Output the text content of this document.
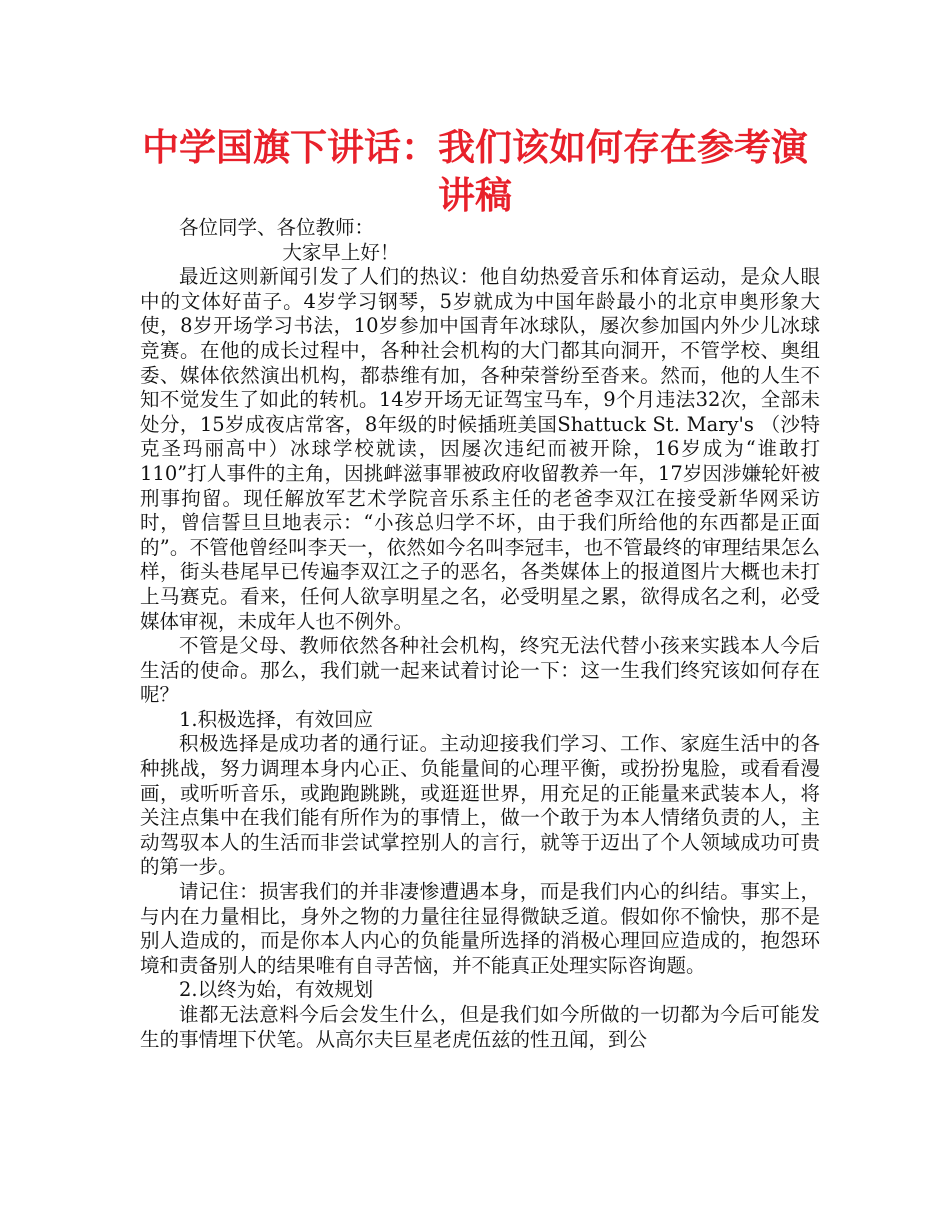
中学国旗下讲话：我们该如何存在参考演讲稿

各位同学、各位教师：

大家早上好！

最近这则新闻引发了人们的热议：他自幼热爱音乐和体育运动，是众人眼中的文体好苗子。4岁学习钢琴，5岁就成为中国年龄最小的北京申奥形象大使，8岁开场学习书法，10岁参加中国青年冰球队，屡次参加国内外少儿冰球竞赛。在他的成长过程中，各种社会机构的大门都其向洞开，不管学校、奥组委、媒体依然演出机构，都恭维有加，各种荣誉纷至沓来。然而，他的人生不知不觉发生了如此的转机。14岁开场无证驾宝马车，9个月违法32次，全部未处分，15岁成夜店常客，8年级的时候插班美国Shattuck St. Mary's （沙特克圣玛丽高中）冰球学校就读，因屡次违纪而被开除，16岁成为“谁敢打110”打人事件的主角，因挑衅滋事罪被政府收留教养一年，17岁因涉嫌轮奸被刑事拘留。现任解放军艺术学院音乐系主任的老爸李双江在接受新华网采访时，曾信誓旦旦地表示：“小孩总归学不坏，由于我们所给他的东西都是正面的”。不管他曾经叫李天一，依然如今名叫李冠丰，也不管最终的审理结果怎么样，街头巷尾早已传遍李双江之子的恶名，各类媒体上的报道图片大概也未打上马赛克。看来，任何人欲享明星之名，必受明星之累，欲得成名之利，必受媒体审视，未成年人也不例外。

不管是父母、教师依然各种社会机构，终究无法代替小孩来实践本人今后生活的使命。那么，我们就一起来试着讨论一下：这一生我们终究该如何存在呢？

1.积极选择，有效回应

积极选择是成功者的通行证。主动迎接我们学习、工作、家庭生活中的各种挑战，努力调理本身内心正、负能量间的心理平衡，或扮扮鬼脸，或看看漫画，或听听音乐，或跑跑跳跳，或逛逛世界，用充足的正能量来武装本人，将关注点集中在我们能有所作为的事情上，做一个敢于为本人情绪负责的人，主动驾驭本人的生活而非尝试掌控别人的言行，就等于迈出了个人领域成功可贵的第一步。

请记住：损害我们的并非凄惨遭遇本身，而是我们内心的纠结。事实上，与内在力量相比，身外之物的力量往往显得微缺乏道。假如你不愉快，那不是别人造成的，而是你本人内心的负能量所选择的消极心理回应造成的，抱怨环境和责备别人的结果唯有自寻苦恼，并不能真正处理实际咨询题。

2.以终为始，有效规划

谁都无法意料今后会发生什么，但是我们如今所做的一切都为今后可能发生的事情埋下伏笔。从高尔夫巨星老虎伍兹的性丑闻，到公
